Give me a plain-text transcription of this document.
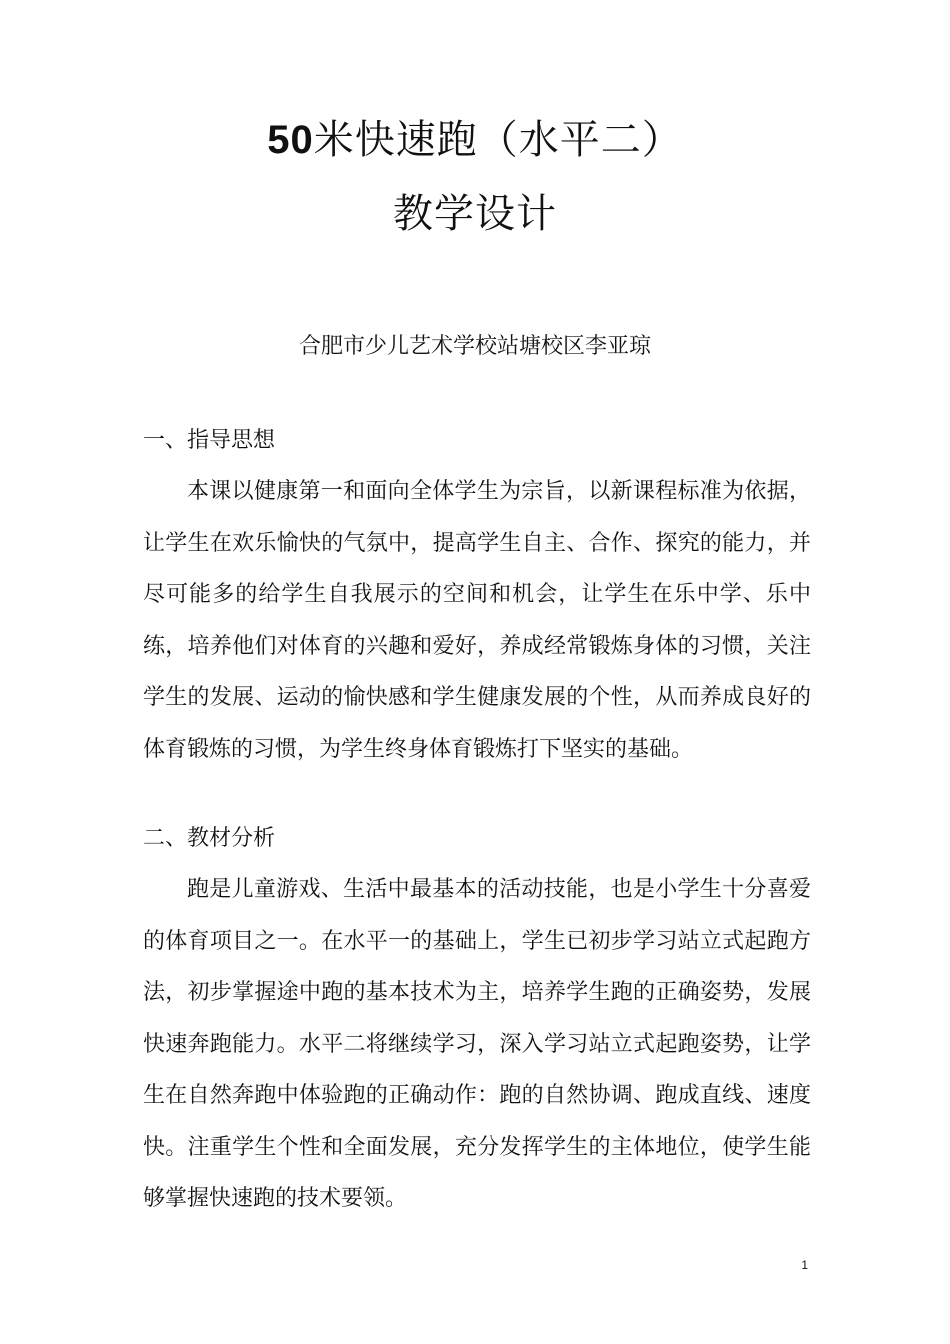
50米快速跑（水平二）
教学设计
合肥市少儿艺术学校站塘校区李亚琼
一、指导思想

本课以健康第一和面向全体学生为宗旨，以新课程标准为依据，让学生在欢乐愉快的气氛中，提高学生自主、合作、探究的能力，并尽可能多的给学生自我展示的空间和机会，让学生在乐中学、乐中练，培养他们对体育的兴趣和爱好，养成经常锻炼身体的习惯，关注学生的发展、运动的愉快感和学生健康发展的个性，从而养成良好的体育锻炼的习惯，为学生终身体育锻炼打下坚实的基础。

二、教材分析

跑是儿童游戏、生活中最基本的活动技能，也是小学生十分喜爱的体育项目之一。在水平一的基础上，学生已初步学习站立式起跑方法，初步掌握途中跑的基本技术为主，培养学生跑的正确姿势，发展快速奔跑能力。水平二将继续学习，深入学习站立式起跑姿势，让学生在自然奔跑中体验跑的正确动作：跑的自然协调、跑成直线、速度快。注重学生个性和全面发展，充分发挥学生的主体地位，使学生能够掌握快速跑的技术要领。

1
